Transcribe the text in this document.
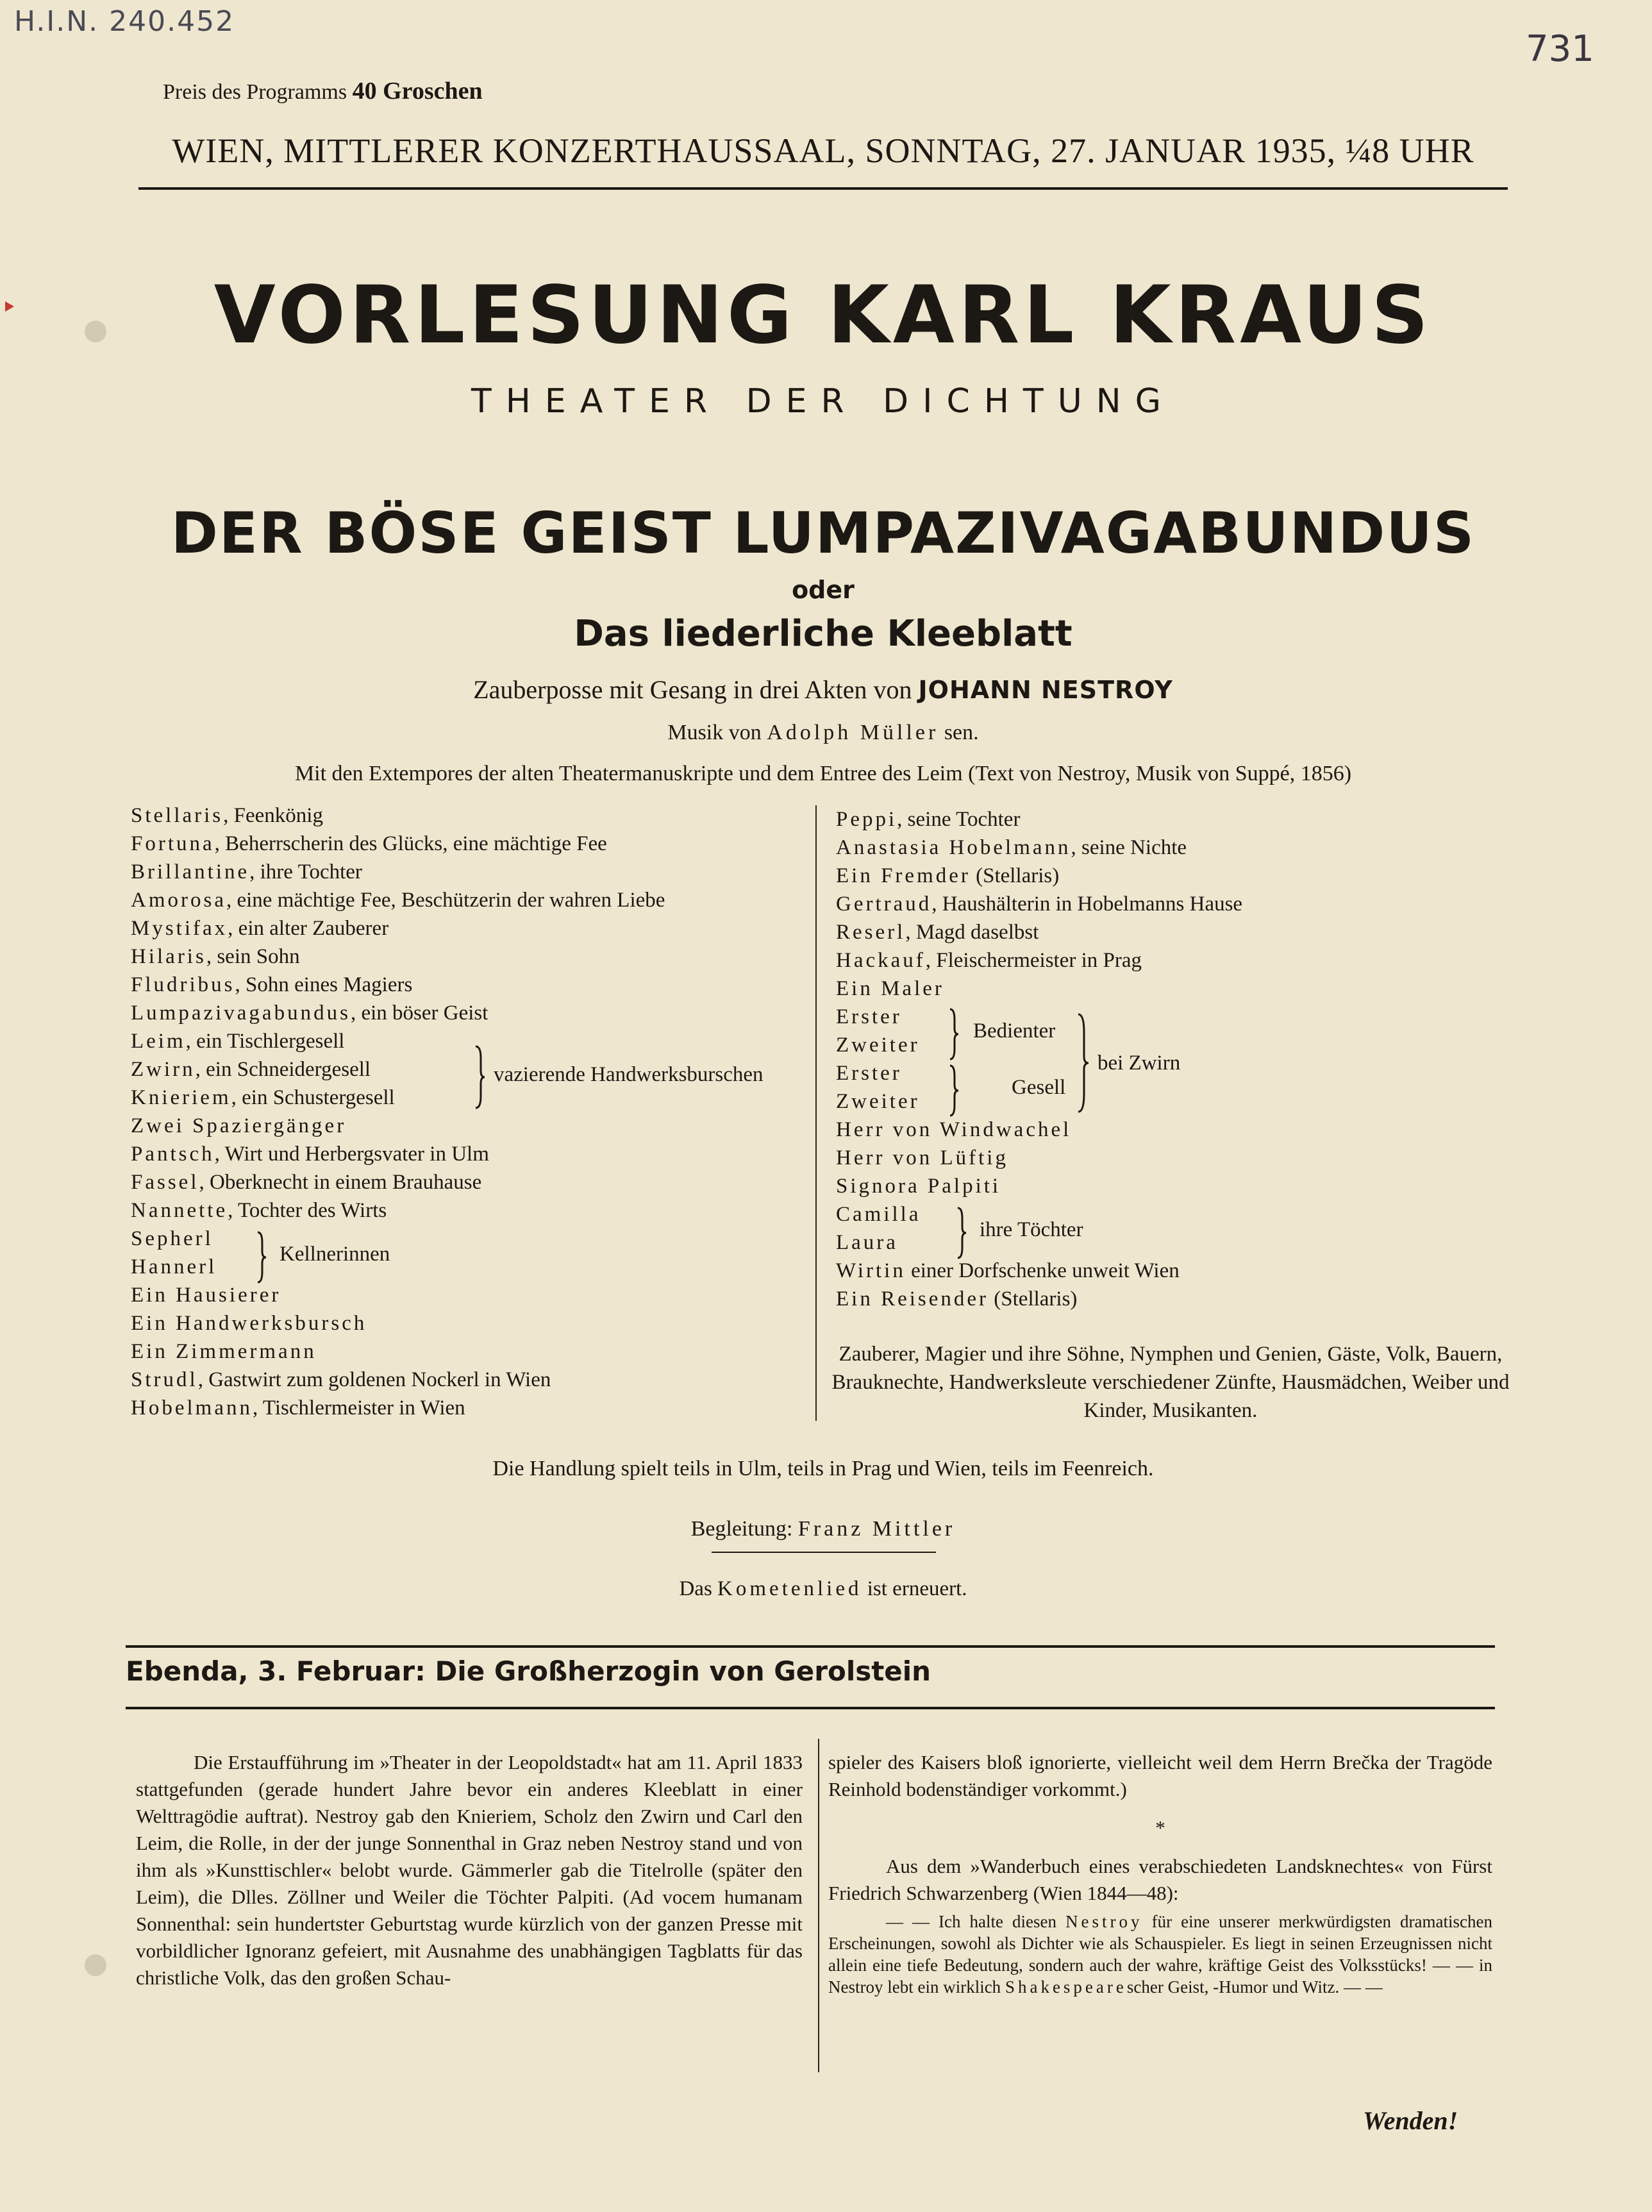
H.I.N. 240.452
731
Preis des Programms 40 Groschen
WIEN, MITTLERER KONZERTHAUSSAAL, SONNTAG, 27. JANUAR 1935, ¼8 UHR
VORLESUNG KARL KRAUS
THEATER DER DICHTUNG
DER BÖSE GEIST LUMPAZIVAGABUNDUS
oder
Das liederliche Kleeblatt
Zauberposse mit Gesang in drei Akten von JOHANN NESTROY
Musik von Adolph Müller sen.
Mit den Extempores der alten Theatermanuskripte und dem Entree des Leim (Text von Nestroy, Musik von Suppé, 1856)
Stellaris, Feenkönig
Fortuna, Beherrscherin des Glücks, eine mächtige Fee
Brillantine, ihre Tochter
Amorosa, eine mächtige Fee, Beschützerin der wahren Liebe
Mystifax, ein alter Zauberer
Hilaris, sein Sohn
Fludribus, Sohn eines Magiers
Lumpazivagabundus, ein böser Geist
Leim, ein Tischlergesell
Zwirn, ein Schneidergesell
Knieriem, ein Schustergesell
Zwei Spaziergänger
Pantsch, Wirt und Herbergsvater in Ulm
Fassel, Oberknecht in einem Brauhause
Nannette, Tochter des Wirts
Sepherl
Hannerl
Ein Hausierer
Ein Handwerksbursch
Ein Zimmermann
Strudl, Gastwirt zum goldenen Nockerl in Wien
Hobelmann, Tischlermeister in Wien
Peppi, seine Tochter
Anastasia Hobelmann, seine Nichte
Ein Fremder (Stellaris)
Gertraud, Haushälterin in Hobelmanns Hause
Reserl, Magd daselbst
Hackauf, Fleischermeister in Prag
Ein Maler
Erster
Zweiter
Erster
Zweiter
Herr von Windwachel
Herr von Lüftig
Signora Palpiti
Camilla
Laura
Wirtin einer Dorfschenke unweit Wien
Ein Reisender (Stellaris)
vazierende Handwerksburschen
Kellnerinnen
Bedienter
Gesell
bei Zwirn
ihre Töchter
Zauberer, Magier und ihre Söhne, Nymphen und Genien, Gäste, Volk, Bauern, Brauknechte, Handwerksleute verschiedener Zünfte, Hausmädchen, Weiber und Kinder, Musikanten.
Die Handlung spielt teils in Ulm, teils in Prag und Wien, teils im Feenreich.
Begleitung: Franz Mittler
Das Kometenlied ist erneuert.
Ebenda, 3. Februar: Die Großherzogin von Gerolstein
Die Erstaufführung im »Theater in der Leopoldstadt« hat am 11. April 1833 stattgefunden (gerade hundert Jahre bevor ein anderes Kleeblatt in einer Welttragödie auftrat). Nestroy gab den Knieriem, Scholz den Zwirn und Carl den Leim, die Rolle, in der der junge Sonnenthal in Graz neben Nestroy stand und von ihm als »Kunsttischler« belobt wurde. Gämmerler gab die Titelrolle (später den Leim), die Dlles. Zöllner und Weiler die Töchter Palpiti. (Ad vocem humanam Sonnenthal: sein hundertster Geburtstag wurde kürzlich von der ganzen Presse mit vorbildlicher Ignoranz gefeiert, mit Ausnahme des unabhängigen Tagblatts für das christliche Volk, das den großen Schau-

spieler des Kaisers bloß ignorierte, vielleicht weil dem Herrn Brečka der Tragöde Reinhold bodenständiger vorkommt.)

*

Aus dem »Wanderbuch eines verabschiedeten Landsknechtes« von Fürst Friedrich Schwarzenberg (Wien 1844—48):

— — Ich halte diesen Nestroy für eine unserer merkwürdigsten dramatischen Erscheinungen, sowohl als Dichter wie als Schauspieler. Es liegt in seinen Erzeugnissen nicht allein eine tiefe Bedeutung, sondern auch der wahre, kräftige Geist des Volksstücks! — — in Nestroy lebt ein wirklich Shakespearescher Geist, -Humor und Witz. — —

Wenden!
